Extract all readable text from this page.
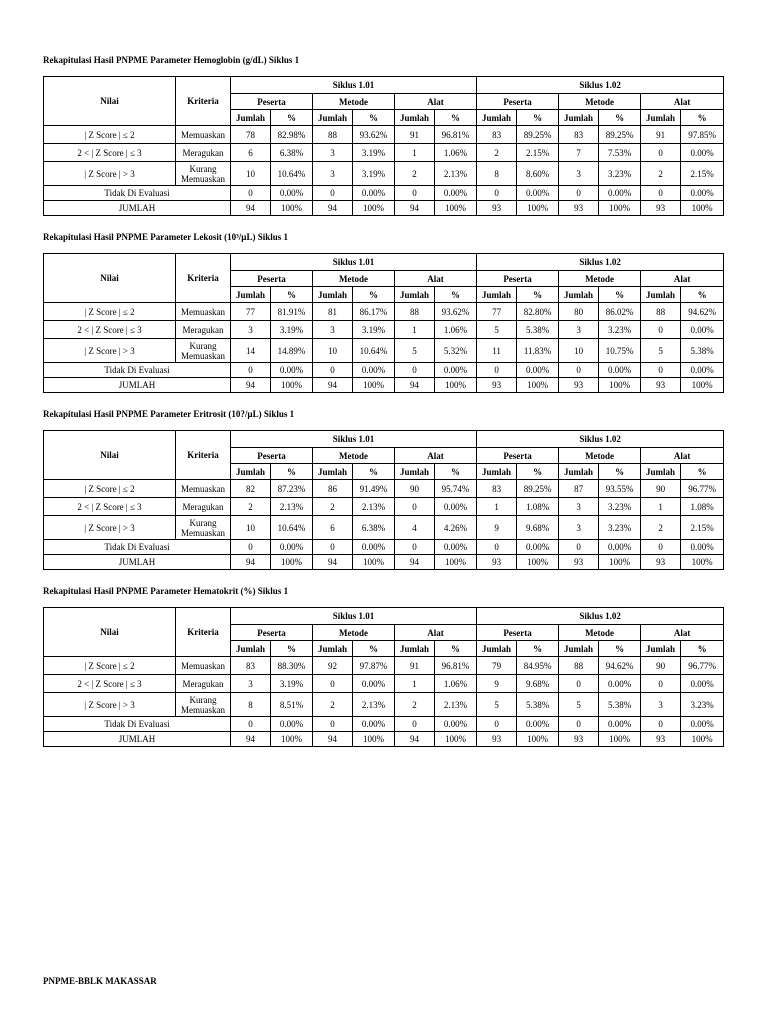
Rekapitulasi Hasil PNPME Parameter Hemoglobin (g/dL) Siklus 1
Nilai	Kriteria	Siklus 1.01						Siklus 1.02					
		Peserta		Metode		Alat		Peserta		Metode		Alat	
		Jumlah	%	Jumlah	%	Jumlah	%	Jumlah	%	Jumlah	%	Jumlah	%
| Z Score | ≤ 2	Memuaskan	78	82.98%	88	93.62%	91	96.81%	83	89.25%	83	89.25%	91	97.85%
2 < | Z Score | ≤ 3	Meragukan	6	6.38%	3	3.19%	1	1.06%	2	2.15%	7	7.53%	0	0.00%
| Z Score | > 3	Kurang Memuaskan	10	10.64%	3	3.19%	2	2.13%	8	8.60%	3	3.23%	2	2.15%
Tidak Di Evaluasi		0	0.00%	0	0.00%	0	0.00%	0	0.00%	0	0.00%	0	0.00%
JUMLAH		94	100%	94	100%	94	100%	93	100%	93	100%	93	100%
Rekapitulasi Hasil PNPME Parameter Lekosit (10³/µL) Siklus 1
Nilai	Kriteria	Siklus 1.01						Siklus 1.02					
		Peserta		Metode		Alat		Peserta		Metode		Alat	
		Jumlah	%	Jumlah	%	Jumlah	%	Jumlah	%	Jumlah	%	Jumlah	%
| Z Score | ≤ 2	Memuaskan	77	81.91%	81	86.17%	88	93.62%	77	82.80%	80	86.02%	88	94.62%
2 < | Z Score | ≤ 3	Meragukan	3	3.19%	3	3.19%	1	1.06%	5	5.38%	3	3.23%	0	0.00%
| Z Score | > 3	Kurang Memuaskan	14	14.89%	10	10.64%	5	5.32%	11	11.83%	10	10.75%	5	5.38%
Tidak Di Evaluasi		0	0.00%	0	0.00%	0	0.00%	0	0.00%	0	0.00%	0	0.00%
JUMLAH		94	100%	94	100%	94	100%	93	100%	93	100%	93	100%
Rekapitulasi Hasil PNPME Parameter Eritrosit (10?/µL) Siklus 1
Nilai	Kriteria	Siklus 1.01						Siklus 1.02					
		Peserta		Metode		Alat		Peserta		Metode		Alat	
		Jumlah	%	Jumlah	%	Jumlah	%	Jumlah	%	Jumlah	%	Jumlah	%
| Z Score | ≤ 2	Memuaskan	82	87.23%	86	91.49%	90	95.74%	83	89.25%	87	93.55%	90	96.77%
2 < | Z Score | ≤ 3	Meragukan	2	2.13%	2	2.13%	0	0.00%	1	1.08%	3	3.23%	1	1.08%
| Z Score | > 3	Kurang Memuaskan	10	10.64%	6	6.38%	4	4.26%	9	9.68%	3	3.23%	2	2.15%
Tidak Di Evaluasi		0	0.00%	0	0.00%	0	0.00%	0	0.00%	0	0.00%	0	0.00%
JUMLAH		94	100%	94	100%	94	100%	93	100%	93	100%	93	100%
Rekapitulasi Hasil PNPME Parameter Hematokrit (%) Siklus 1
Nilai	Kriteria	Siklus 1.01						Siklus 1.02					
		Peserta		Metode		Alat		Peserta		Metode		Alat	
		Jumlah	%	Jumlah	%	Jumlah	%	Jumlah	%	Jumlah	%	Jumlah	%
| Z Score | ≤ 2	Memuaskan	83	88.30%	92	97.87%	91	96.81%	79	84.95%	88	94.62%	90	96.77%
2 < | Z Score | ≤ 3	Meragukan	3	3.19%	0	0.00%	1	1.06%	9	9.68%	0	0.00%	0	0.00%
| Z Score | > 3	Kurang Memuaskan	8	8.51%	2	2.13%	2	2.13%	5	5.38%	5	5.38%	3	3.23%
Tidak Di Evaluasi		0	0.00%	0	0.00%	0	0.00%	0	0.00%	0	0.00%	0	0.00%
JUMLAH		94	100%	94	100%	94	100%	93	100%	93	100%	93	100%
PNPME-BBLK MAKASSAR
